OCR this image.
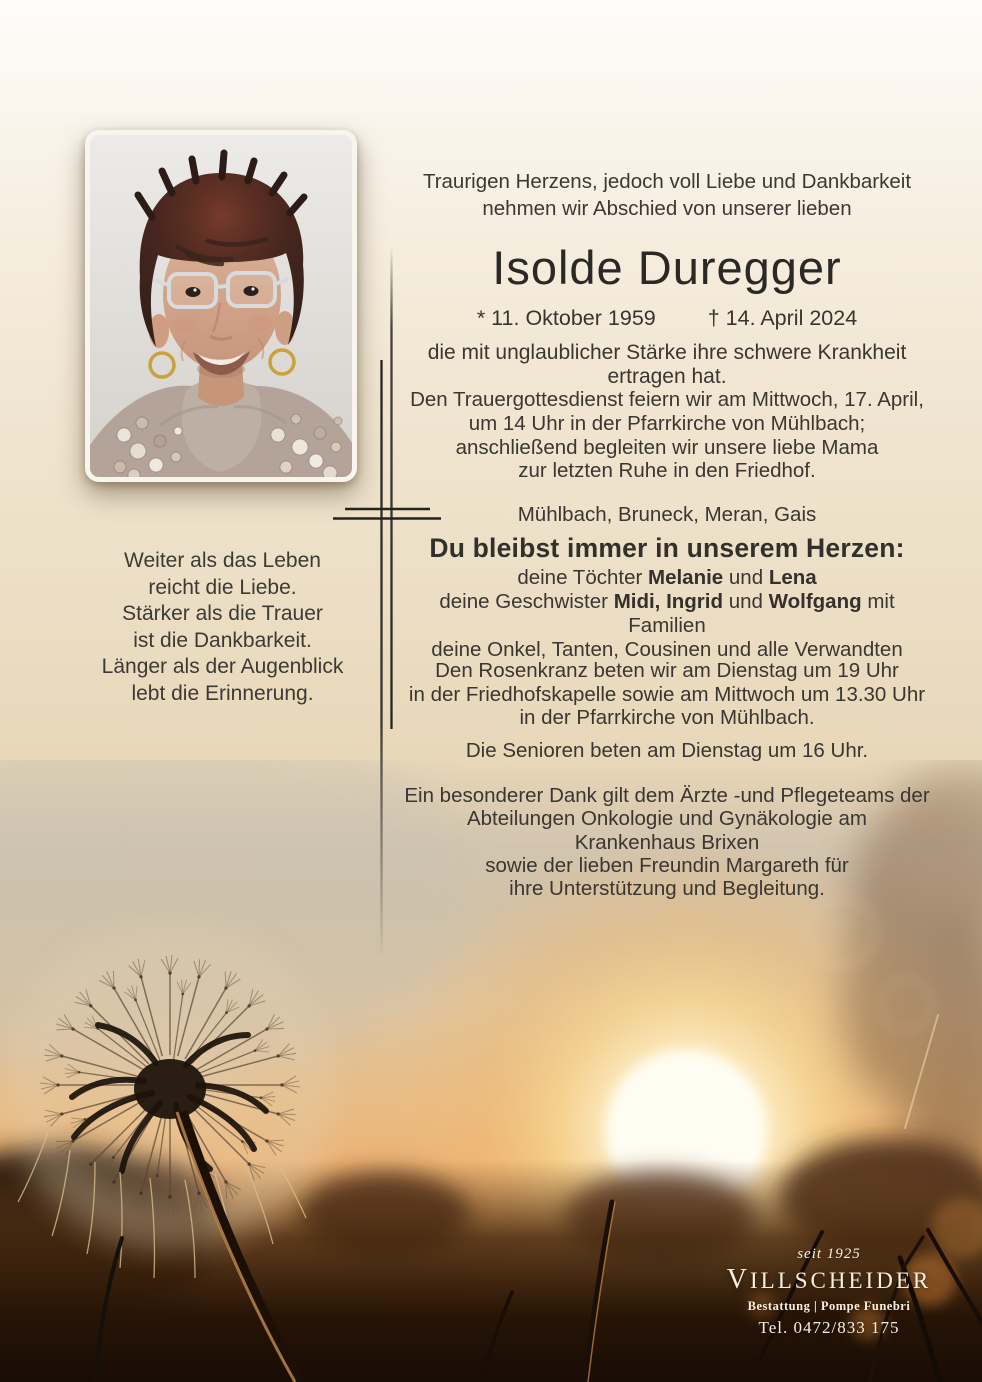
Traurigen Herzens, jedoch voll Liebe und Dankbarkeit
nehmen wir Abschied von unserer lieben
Isolde Duregger
* 11. Oktober 1959 † 14. April 2024
die mit unglaublicher Stärke ihre schwere Krankheit ertragen hat.
Den Trauergottesdienst feiern wir am Mittwoch, 17. April,
um 14 Uhr in der Pfarrkirche von Mühlbach;
anschließend begleiten wir unsere liebe Mama
zur letzten Ruhe in den Friedhof.
Mühlbach, Bruneck, Meran, Gais
Du bleibst immer in unserem Herzen:
deine Töchter Melanie und Lena
deine Geschwister Midi, Ingrid und Wolfgang mit Familien
deine Onkel, Tanten, Cousinen und alle Verwandten
Den Rosenkranz beten wir am Dienstag um 19 Uhr
in der Friedhofskapelle sowie am Mittwoch um 13.30 Uhr
in der Pfarrkirche von Mühlbach.
Die Senioren beten am Dienstag um 16 Uhr.
Ein besonderer Dank gilt dem Ärzte -und Pflegeteams der
Abteilungen Onkologie und Gynäkologie am Krankenhaus Brixen
sowie der lieben Freundin Margareth für
ihre Unterstützung und Begleitung.
Weiter als das Leben
reicht die Liebe.
Stärker als die Trauer
ist die Dankbarkeit.
Länger als der Augenblick
lebt die Erinnerung.
seit 1925
VILLSCHEIDER
Bestattung | Pompe Funebri
Tel. 0472/833 175
